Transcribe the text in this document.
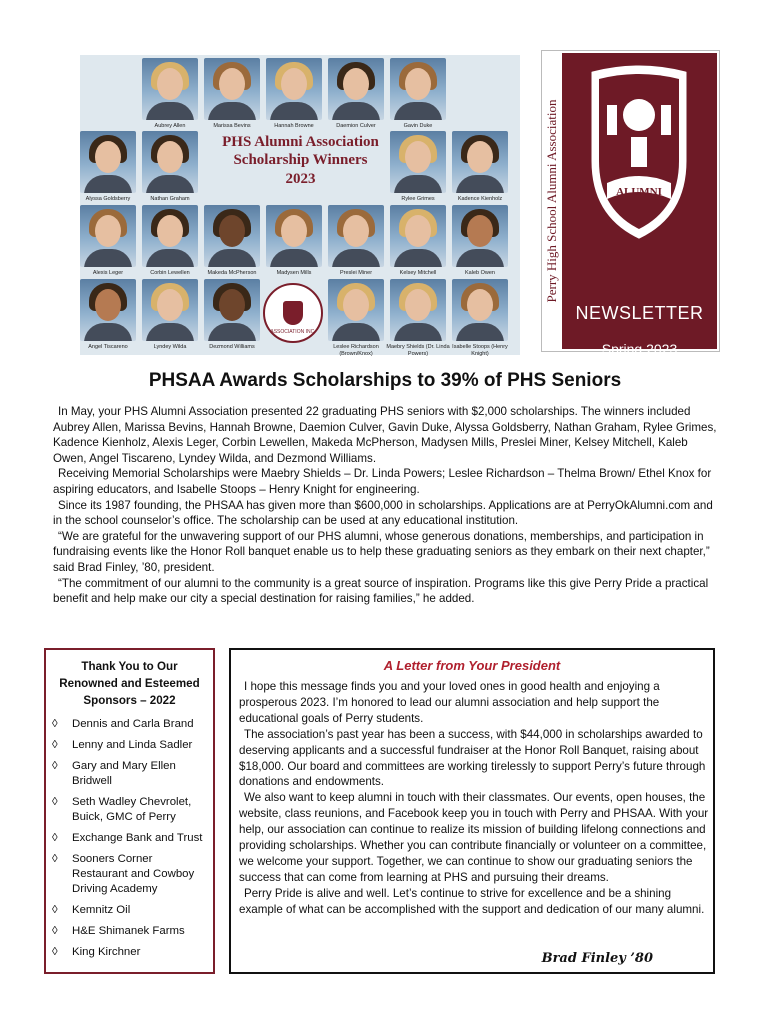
Aubrey Allen	Marissa Bevins	Hannah Browne	Daemion Culver	Gavin Duke
Alyssa Goldsberry	Nathan Graham
PHS Alumni Association
Scholarship Winners
2023
Rylee Grimes	Kadence Kienholz
Alexis Leger	Corbin Lewellen	Makeda McPherson	Madysen Mills	Preslei Miner	Kelsey Mitchell	Kaleb Owen
Angel Tiscareno	Lyndey Wilda	Dezmond Williams
ASSOCIATION INC.
Leslee Richardson (Brown/Knox)
Maebry Shields (Dr. Linda Powers)
Isabelle Stoops (Henry Knight)
Perry High School Alumni Association	ALUMNI
NEWSLETTER
Spring 2023
Volume 34
PHSAA Awards Scholarships to 39% of PHS Seniors

In May, your PHS Alumni Association presented 22 graduating PHS seniors with $2,000 scholarships. The winners included Aubrey Allen, Marissa Bevins, Hannah Browne, Daemion Culver, Gavin Duke, Alyssa Goldsberry, Nathan Graham, Rylee Grimes, Kadence Kienholz, Alexis Leger, Corbin Lewellen, Makeda McPherson, Madysen Mills, Preslei Miner, Kelsey Mitchell, Kaleb Owen, Angel Tiscareno, Lyndey Wilda, and Dezmond Williams.

Receiving Memorial Scholarships were Maebry Shields – Dr. Linda Powers; Leslee Richardson – Thelma Brown/ Ethel Knox for aspiring educators, and Isabelle Stoops – Henry Knight for engineering.

Since its 1987 founding, the PHSAA has given more than $600,000 in scholarships. Applications are at PerryOkAlumni.com and in the school counselor’s office. The scholarship can be used at any educational institution.

“We are grateful for the unwavering support of our PHS alumni, whose generous donations, memberships, and participation in fundraising events like the Honor Roll banquet enable us to help these graduating seniors as they embark on their next chapter,” said Brad Finley, ’80, president.

“The commitment of our alumni to the community is a great source of inspiration. Programs like this give Perry Pride a practical benefit and help make our city a special destination for raising families,” he added.

Thank You to Our Renowned and Esteemed Sponsors – 2022
◊ Dennis and Carla Brand
◊ Lenny and Linda Sadler
◊ Gary and Mary Ellen Bridwell
◊ Seth Wadley Chevrolet, Buick, GMC of Perry
◊ Exchange Bank and Trust
◊ Sooners Corner Restaurant and Cowboy Driving Academy
◊ Kemnitz Oil
◊ H&E Shimanek Farms
◊ King Kirchner
A Letter from Your President

I hope this message finds you and your loved ones in good health and enjoying a prosperous 2023. I’m honored to lead our alumni association and help support the educational goals of Perry students.

The association’s past year has been a success, with $44,000 in scholarships awarded to deserving applicants and a successful fundraiser at the Honor Roll Banquet, raising about $18,000. Our board and committees are working tirelessly to support Perry’s future through donations and endowments.

We also want to keep alumni in touch with their classmates. Our events, open houses, the website, class reunions, and Facebook keep you in touch with Perry and PHSAA. With your help, our association can continue to realize its mission of building lifelong connections and providing scholarships. Whether you can contribute financially or volunteer on a committee, we welcome your support. Together, we can continue to show our graduating seniors the success that can come from learning at PHS and pursuing their dreams.

Perry Pride is alive and well. Let’s continue to strive for excellence and be a shining example of what can be accomplished with the support and dedication of our many alumni.

Brad Finley ’80
